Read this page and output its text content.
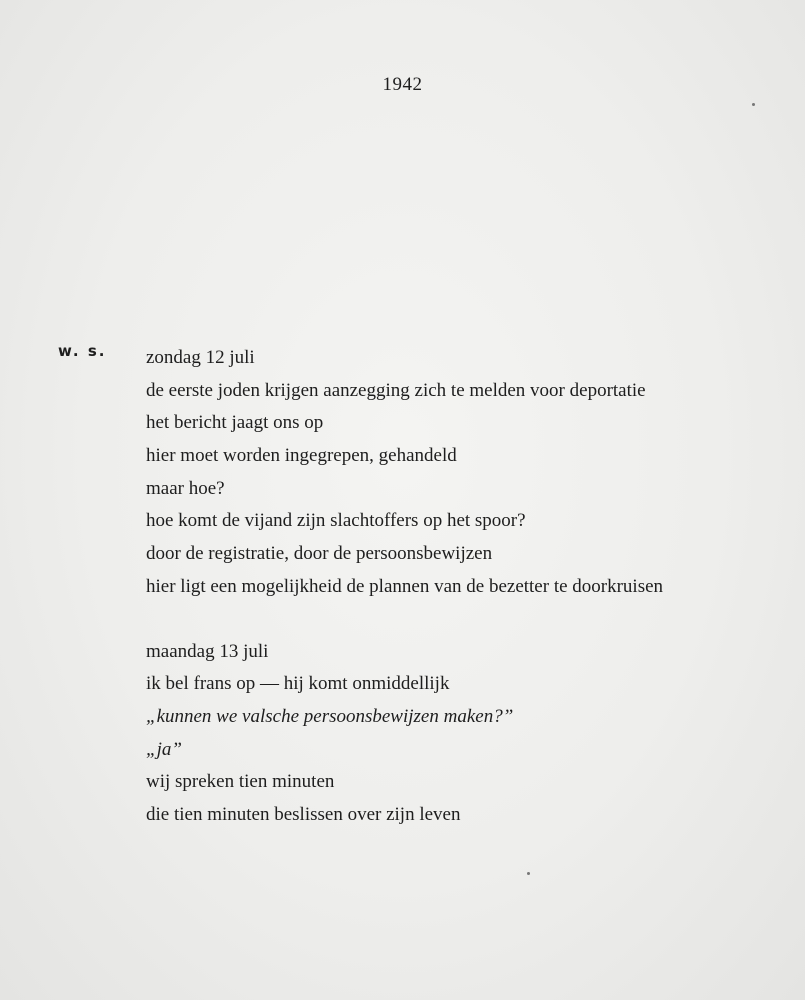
1942
w. s. zondag 12 juli
de eerste joden krijgen aanzegging zich te melden voor deportatie
het bericht jaagt ons op
hier moet worden ingegrepen, gehandeld
maar hoe?
hoe komt de vijand zijn slachtoffers op het spoor?
door de registratie, door de persoonsbewijzen
hier ligt een mogelijkheid de plannen van de bezetter te doorkruisen
maandag 13 juli
ik bel frans op — hij komt onmiddellijk
„kunnen we valsche persoonsbewijzen maken?”
„ja”
wij spreken tien minuten
die tien minuten beslissen over zijn leven
